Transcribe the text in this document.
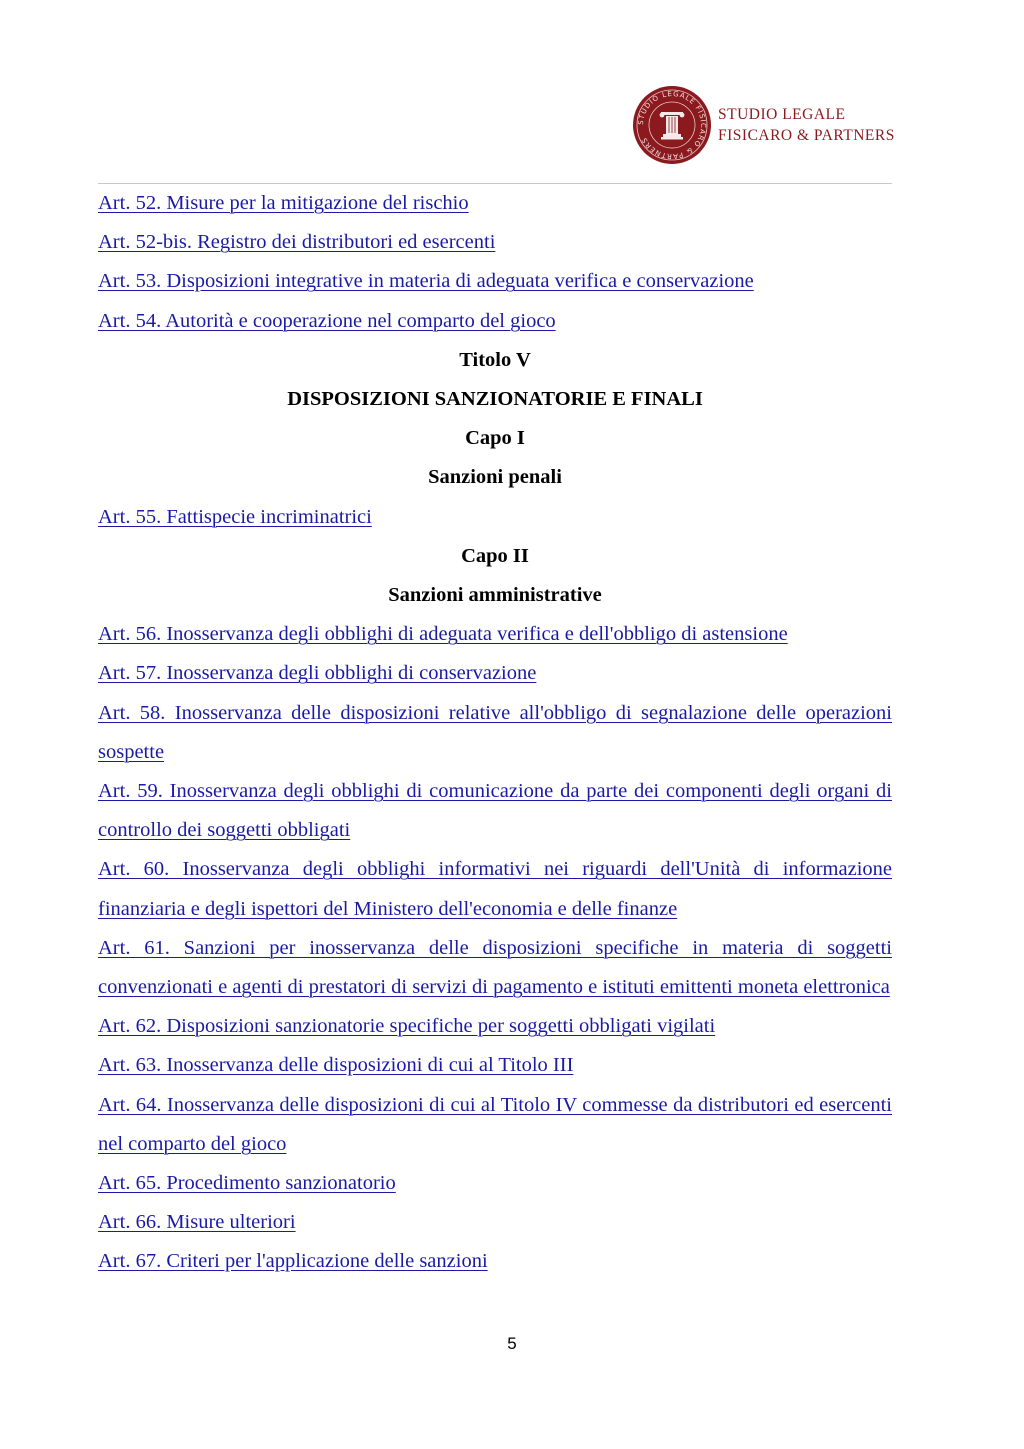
STUDIO LEGALE FISICARO & PARTNERS
STUDIO LEGALE
FISICARO & PARTNERS
Art. 52. Misure per la mitigazione del rischio
Art. 52-bis. Registro dei distributori ed esercenti
Art. 53. Disposizioni integrative in materia di adeguata verifica e conservazione
Art. 54. Autorità e cooperazione nel comparto del gioco
Titolo V
DISPOSIZIONI SANZIONATORIE E FINALI
Capo I
Sanzioni penali
Art. 55. Fattispecie incriminatrici
Capo II
Sanzioni amministrative
Art. 56. Inosservanza degli obblighi di adeguata verifica e dell'obbligo di astensione
Art. 57. Inosservanza degli obblighi di conservazione
Art. 58. Inosservanza delle disposizioni relative all'obbligo di segnalazione delle operazioni sospette
Art. 59. Inosservanza degli obblighi di comunicazione da parte dei componenti degli organi di controllo dei soggetti obbligati
Art. 60. Inosservanza degli obblighi informativi nei riguardi dell'Unità di informazione finanziaria e degli ispettori del Ministero dell'economia e delle finanze
Art. 61. Sanzioni per inosservanza delle disposizioni specifiche in materia di soggetti convenzionati e agenti di prestatori di servizi di pagamento e istituti emittenti moneta elettronica
Art. 62. Disposizioni sanzionatorie specifiche per soggetti obbligati vigilati
Art. 63. Inosservanza delle disposizioni di cui al Titolo III
Art. 64. Inosservanza delle disposizioni di cui al Titolo IV commesse da distributori ed esercenti nel comparto del gioco
Art. 65. Procedimento sanzionatorio
Art. 66. Misure ulteriori
Art. 67. Criteri per l'applicazione delle sanzioni
5
